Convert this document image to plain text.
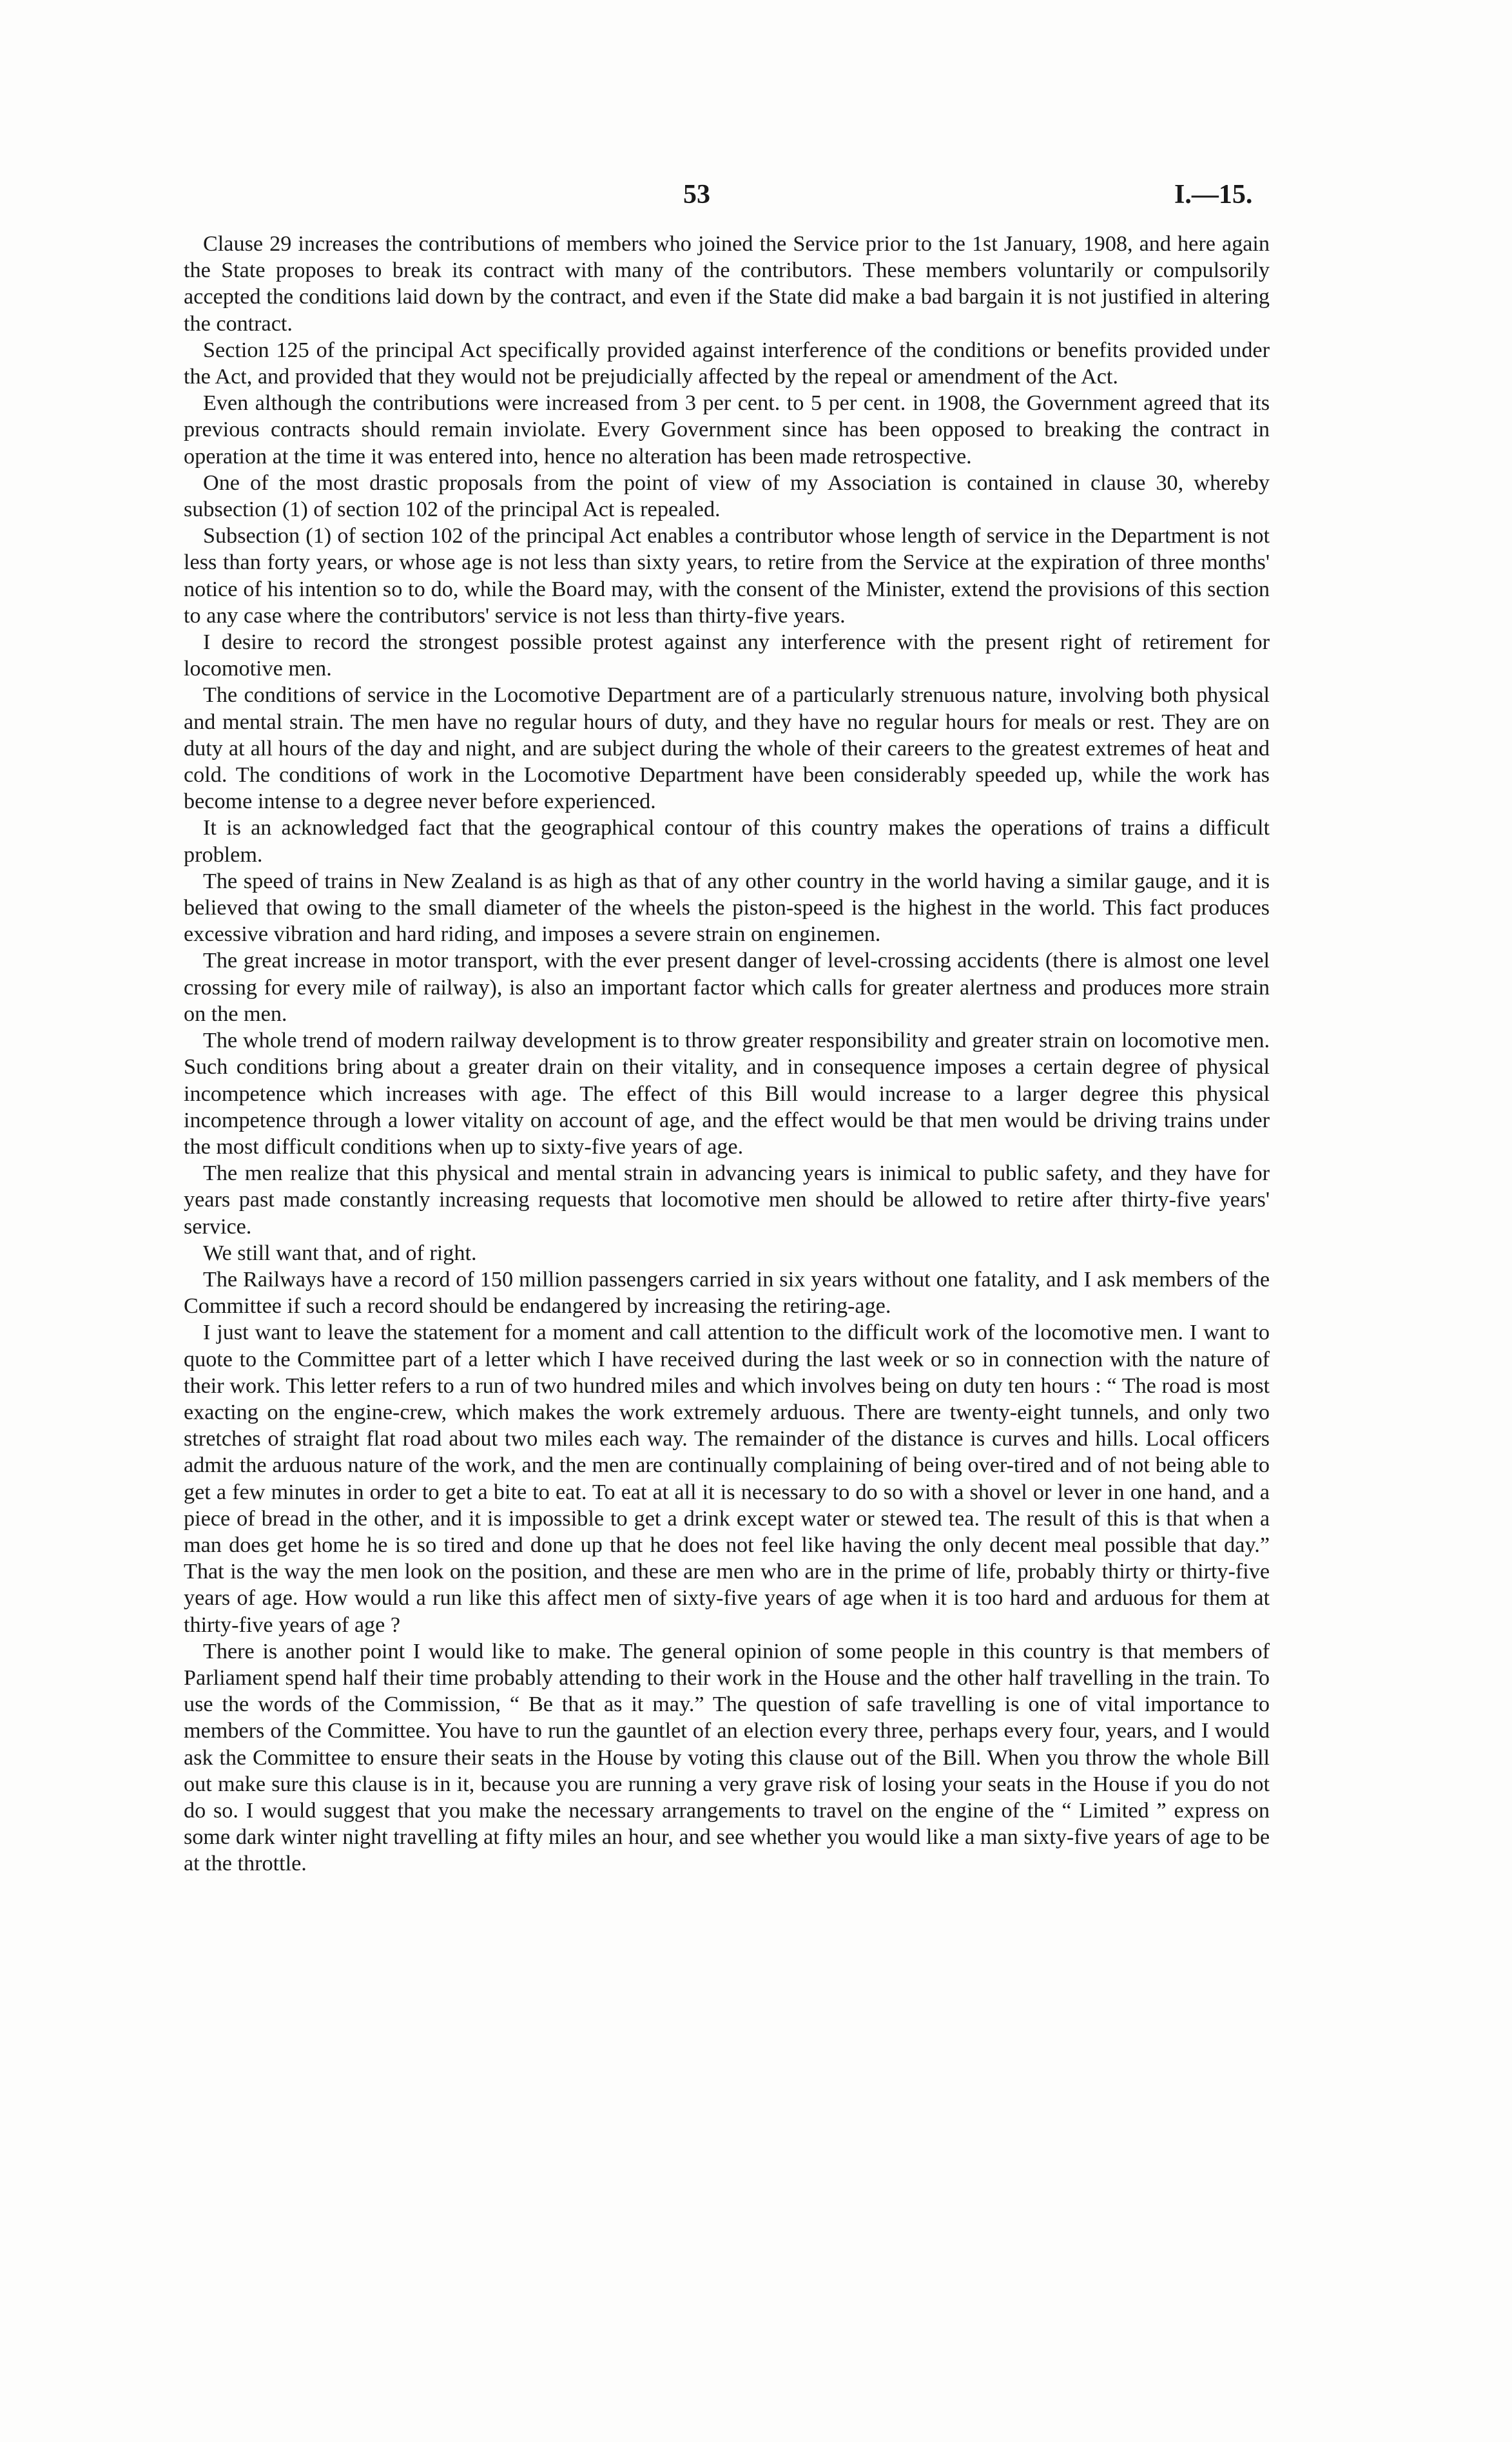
53	I.—15.

Clause 29 increases the contributions of members who joined the Service prior to the 1st January, 1908, and here again the State proposes to break its contract with many of the contributors. These members voluntarily or compulsorily accepted the conditions laid down by the contract, and even if the State did make a bad bargain it is not justified in altering the contract.

Section 125 of the principal Act specifically provided against interference of the conditions or benefits provided under the Act, and provided that they would not be prejudicially affected by the repeal or amendment of the Act.

Even although the contributions were increased from 3 per cent. to 5 per cent. in 1908, the Government agreed that its previous contracts should remain inviolate. Every Government since has been opposed to breaking the contract in operation at the time it was entered into, hence no alteration has been made retrospective.

One of the most drastic proposals from the point of view of my Association is contained in clause 30, whereby subsection (1) of section 102 of the principal Act is repealed.

Subsection (1) of section 102 of the principal Act enables a contributor whose length of service in the Department is not less than forty years, or whose age is not less than sixty years, to retire from the Service at the expiration of three months' notice of his intention so to do, while the Board may, with the consent of the Minister, extend the provisions of this section to any case where the contributors' service is not less than thirty-five years.

I desire to record the strongest possible protest against any interference with the present right of retirement for locomotive men.

The conditions of service in the Locomotive Department are of a particularly strenuous nature, involving both physical and mental strain. The men have no regular hours of duty, and they have no regular hours for meals or rest. They are on duty at all hours of the day and night, and are subject during the whole of their careers to the greatest extremes of heat and cold. The conditions of work in the Locomotive Department have been considerably speeded up, while the work has become intense to a degree never before experienced.

It is an acknowledged fact that the geographical contour of this country makes the operations of trains a difficult problem.

The speed of trains in New Zealand is as high as that of any other country in the world having a similar gauge, and it is believed that owing to the small diameter of the wheels the piston-speed is the highest in the world. This fact produces excessive vibration and hard riding, and imposes a severe strain on enginemen.

The great increase in motor transport, with the ever present danger of level-crossing accidents (there is almost one level crossing for every mile of railway), is also an important factor which calls for greater alertness and produces more strain on the men.

The whole trend of modern railway development is to throw greater responsibility and greater strain on locomotive men. Such conditions bring about a greater drain on their vitality, and in consequence imposes a certain degree of physical incompetence which increases with age. The effect of this Bill would increase to a larger degree this physical incompetence through a lower vitality on account of age, and the effect would be that men would be driving trains under the most difficult conditions when up to sixty-five years of age.

The men realize that this physical and mental strain in advancing years is inimical to public safety, and they have for years past made constantly increasing requests that locomotive men should be allowed to retire after thirty-five years' service.

We still want that, and of right.

The Railways have a record of 150 million passengers carried in six years without one fatality, and I ask members of the Committee if such a record should be endangered by increasing the retiring-age.

I just want to leave the statement for a moment and call attention to the difficult work of the locomotive men. I want to quote to the Committee part of a letter which I have received during the last week or so in connection with the nature of their work. This letter refers to a run of two hundred miles and which involves being on duty ten hours : “ The road is most exacting on the engine-crew, which makes the work extremely arduous. There are twenty-eight tunnels, and only two stretches of straight flat road about two miles each way. The remainder of the distance is curves and hills. Local officers admit the arduous nature of the work, and the men are continually complaining of being over-tired and of not being able to get a few minutes in order to get a bite to eat. To eat at all it is necessary to do so with a shovel or lever in one hand, and a piece of bread in the other, and it is impossible to get a drink except water or stewed tea. The result of this is that when a man does get home he is so tired and done up that he does not feel like having the only decent meal possible that day.” That is the way the men look on the position, and these are men who are in the prime of life, probably thirty or thirty-five years of age. How would a run like this affect men of sixty-five years of age when it is too hard and arduous for them at thirty-five years of age ?

There is another point I would like to make. The general opinion of some people in this country is that members of Parliament spend half their time probably attending to their work in the House and the other half travelling in the train. To use the words of the Commission, “ Be that as it may.” The question of safe travelling is one of vital importance to members of the Committee. You have to run the gauntlet of an election every three, perhaps every four, years, and I would ask the Committee to ensure their seats in the House by voting this clause out of the Bill. When you throw the whole Bill out make sure this clause is in it, because you are running a very grave risk of losing your seats in the House if you do not do so. I would suggest that you make the necessary arrangements to travel on the engine of the “ Limited ” express on some dark winter night travelling at fifty miles an hour, and see whether you would like a man sixty-five years of age to be at the throttle.
